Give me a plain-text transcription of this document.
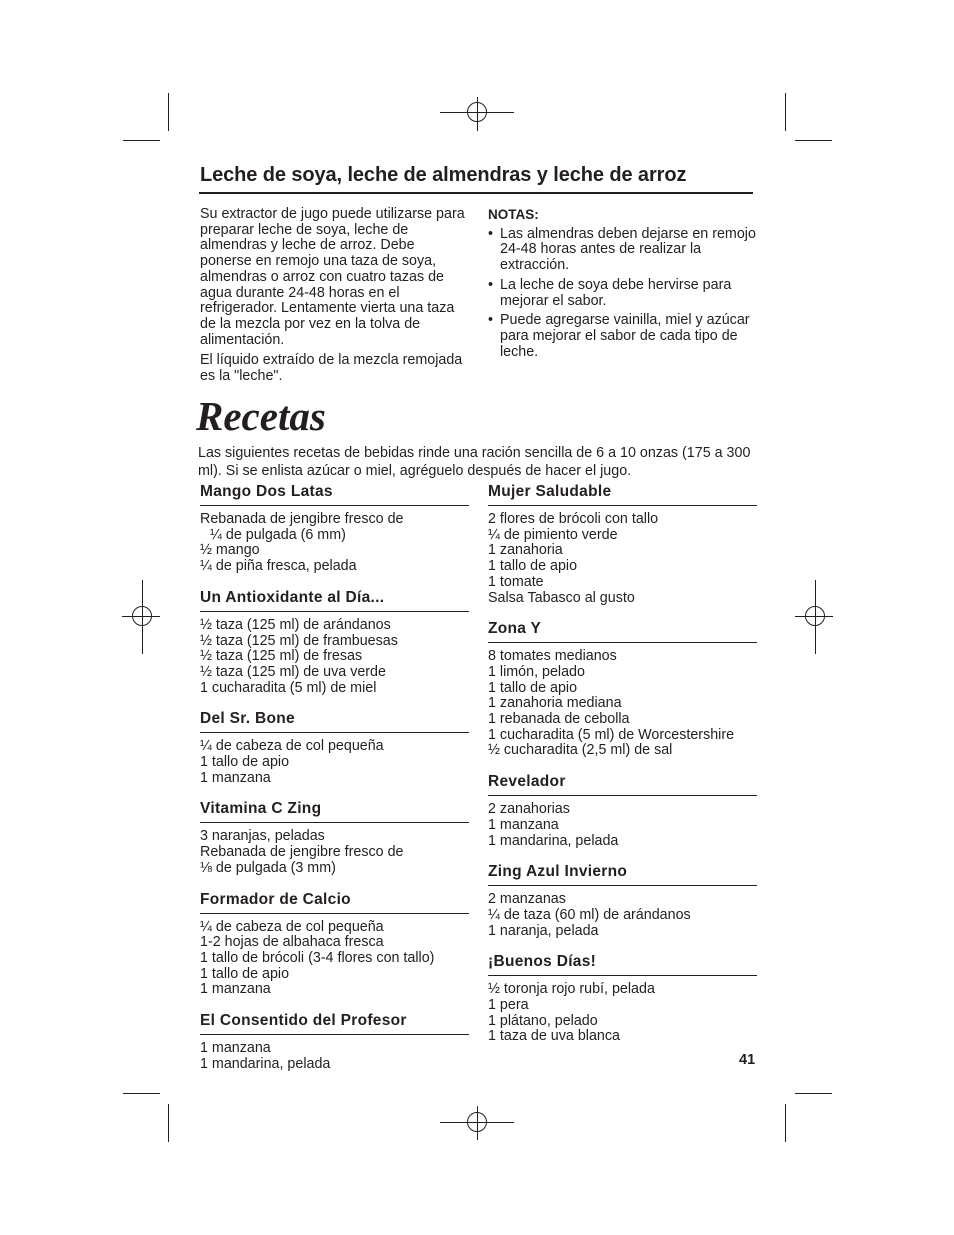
Leche de soya, leche de almendras y leche de arroz

Su extractor de jugo puede utilizarse para preparar leche de soya, leche de almendras y leche de arroz. Debe ponerse en remojo una taza de soya, almendras o arroz con cuatro tazas de agua durante 24-48 horas en el refrigerador. Lentamente vierta una taza de la mezcla por vez en la tolva de alimentación.

El líquido extraído de la mezcla remojada es la "leche".

NOTAS:
• Las almendras deben dejarse en remojo 24-48 horas antes de realizar la extracción.
• La leche de soya debe hervirse para mejorar el sabor.
• Puede agregarse vainilla, miel y azúcar para mejorar el sabor de cada tipo de leche.
Recetas
Las siguientes recetas de bebidas rinde una ración sencilla de 6 a 10 onzas (175 a 300 ml). Si se enlista azúcar o miel, agréguelo después de hacer el jugo.
Mango Dos Latas
Rebanada de jengibre fresco de
¼ de pulgada (6 mm)
½ mango
¼ de piña fresca, pelada
Un Antioxidante al Día...
½ taza (125 ml) de arándanos
½ taza (125 ml) de frambuesas
½ taza (125 ml) de fresas
½ taza (125 ml) de uva verde
1 cucharadita (5 ml) de miel
Del Sr. Bone
¼ de cabeza de col pequeña
1 tallo de apio
1 manzana
Vitamina C Zing
3 naranjas, peladas
Rebanada de jengibre fresco de
⅛ de pulgada (3 mm)
Formador de Calcio
¼ de cabeza de col pequeña
1-2 hojas de albahaca fresca
1 tallo de brócoli (3-4 flores con tallo)
1 tallo de apio
1 manzana
El Consentido del Profesor
1 manzana
1 mandarina, pelada
Mujer Saludable
2 flores de brócoli con tallo
¼ de pimiento verde
1 zanahoria
1 tallo de apio
1 tomate
Salsa Tabasco al gusto
Zona Y
8 tomates medianos
1 limón, pelado
1 tallo de apio
1 zanahoria mediana
1 rebanada de cebolla
1 cucharadita (5 ml) de Worcestershire
½ cucharadita (2,5 ml) de sal
Revelador
2 zanahorias
1 manzana
1 mandarina, pelada
Zing Azul Invierno
2 manzanas
¼ de taza (60 ml) de arándanos
1 naranja, pelada
¡Buenos Días!
½ toronja rojo rubí, pelada
1 pera
1 plátano, pelado
1 taza de uva blanca
41
